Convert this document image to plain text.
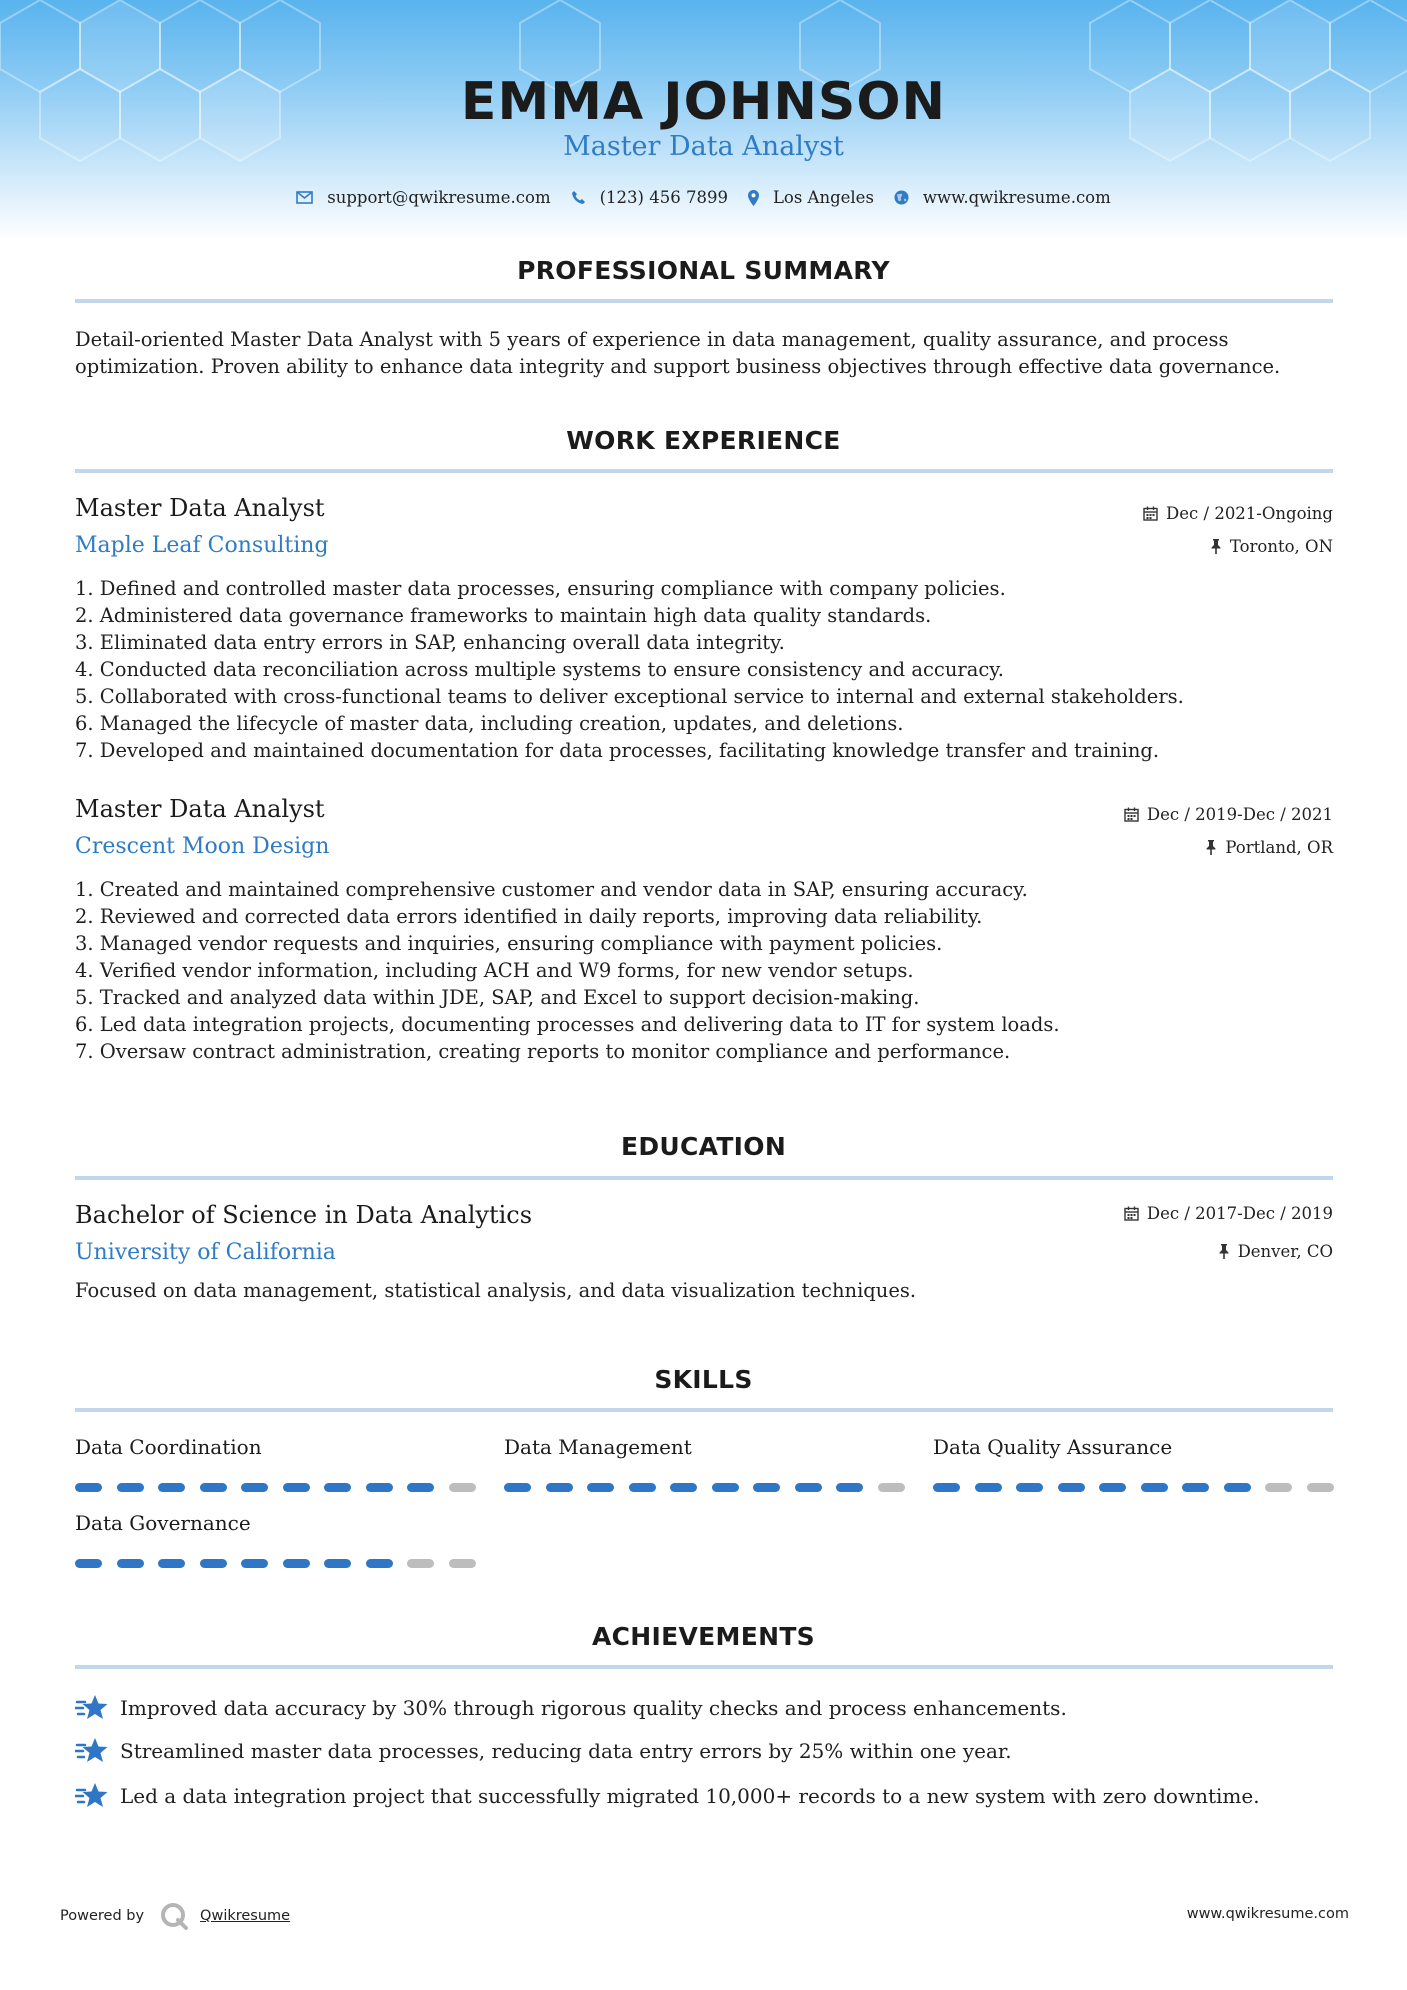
EMMA JOHNSON
Master Data Analyst
support@qwikresume.com	(123) 456 7899	Los Angeles	www.qwikresume.com
PROFESSIONAL SUMMARY
Detail-oriented Master Data Analyst with 5 years of experience in data management, quality assurance, and process optimization. Proven ability to enhance data integrity and support business objectives through effective data governance.
WORK EXPERIENCE
Master Data Analyst	Dec / 2021-Ongoing
Maple Leaf Consulting	Toronto, ON
1. Defined and controlled master data processes, ensuring compliance with company policies.
2. Administered data governance frameworks to maintain high data quality standards.
3. Eliminated data entry errors in SAP, enhancing overall data integrity.
4. Conducted data reconciliation across multiple systems to ensure consistency and accuracy.
5. Collaborated with cross-functional teams to deliver exceptional service to internal and external stakeholders.
6. Managed the lifecycle of master data, including creation, updates, and deletions.
7. Developed and maintained documentation for data processes, facilitating knowledge transfer and training.
Master Data Analyst	Dec / 2019-Dec / 2021
Crescent Moon Design	Portland, OR
1. Created and maintained comprehensive customer and vendor data in SAP, ensuring accuracy.
2. Reviewed and corrected data errors identified in daily reports, improving data reliability.
3. Managed vendor requests and inquiries, ensuring compliance with payment policies.
4. Verified vendor information, including ACH and W9 forms, for new vendor setups.
5. Tracked and analyzed data within JDE, SAP, and Excel to support decision-making.
6. Led data integration projects, documenting processes and delivering data to IT for system loads.
7. Oversaw contract administration, creating reports to monitor compliance and performance.
EDUCATION
Bachelor of Science in Data Analytics	Dec / 2017-Dec / 2019
University of California	Denver, CO
Focused on data management, statistical analysis, and data visualization techniques.
SKILLS
Data Coordination	Data Management	Data Quality Assurance
Data Governance
ACHIEVEMENTS
Improved data accuracy by 30% through rigorous quality checks and process enhancements.
Streamlined master data processes, reducing data entry errors by 25% within one year.
Led a data integration project that successfully migrated 10,000+ records to a new system with zero downtime.
Powered by	Qwikresume	www.qwikresume.com
